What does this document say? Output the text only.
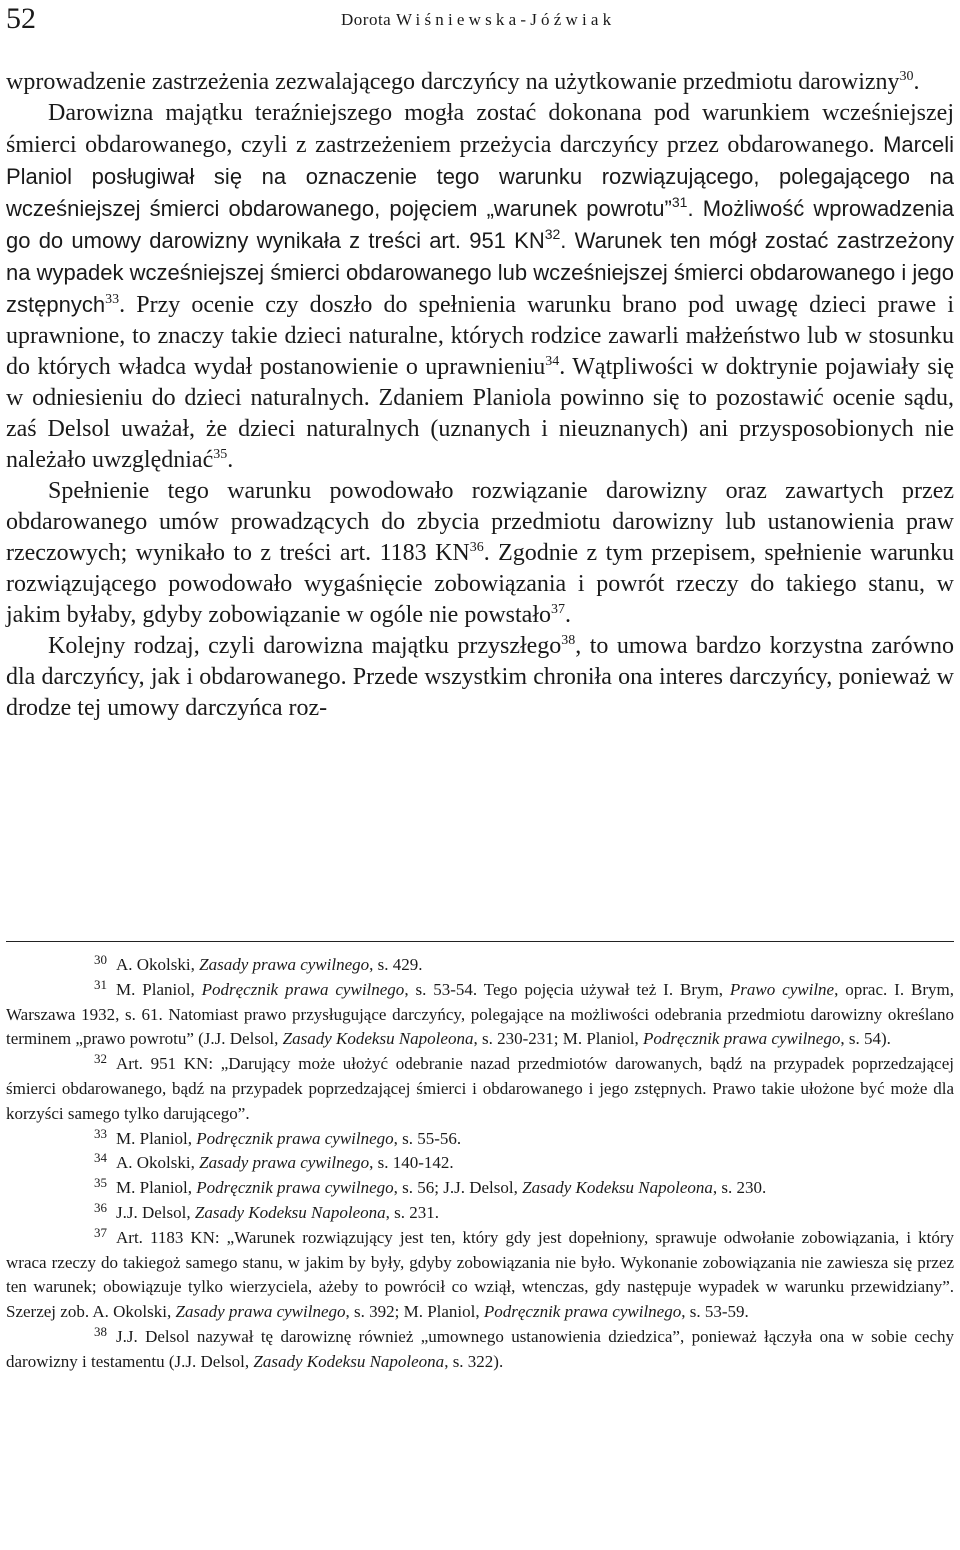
52	Dorota Wiśniewska-Jóźwiak

wprowadzenie zastrzeżenia zezwalającego darczyńcy na użytkowanie przedmiotu darowizny$^{30}$.

Darowizna majątku teraźniejszego mogła zostać dokonana pod warunkiem wcześniejszej śmierci obdarowanego, czyli z zastrzeżeniem przeżycia darczyńcy przez obdarowanego. Marceli Planiol posługiwał się na oznaczenie tego warunku rozwiązującego, polegającego na wcześniejszej śmierci obdarowanego, pojęciem „warunek powrotu”$^{31}$. Możliwość wprowadzenia go do umowy darowizny wynikała z treści art. 951 KN$^{32}$. Warunek ten mógł zostać zastrzeżony na wypadek wcześniejszej śmierci obdarowanego lub wcześniejszej śmierci obdarowanego i jego zstępnych$^{33}$. Przy ocenie czy doszło do spełnienia warunku brano pod uwagę dzieci prawe i uprawnione, to znaczy takie dzieci naturalne, których rodzice zawarli małżeństwo lub w stosunku do których władca wydał postanowienie o uprawnieniu$^{34}$. Wątpliwości w doktrynie pojawiały się w odniesieniu do dzieci naturalnych. Zdaniem Planiola powinno się to pozostawić ocenie sądu, zaś Delsol uważał, że dzieci naturalnych (uznanych i nieuznanych) ani przysposobionych nie należało uwzględniać$^{35}$.

Spełnienie tego warunku powodowało rozwiązanie darowizny oraz zawartych przez obdarowanego umów prowadzących do zbycia przedmiotu darowizny lub ustanowienia praw rzeczowych; wynikało to z treści art. 1183 KN$^{36}$. Zgodnie z tym przepisem, spełnienie warunku rozwiązującego powodowało wygaśnięcie zobowiązania i powrót rzeczy do takiego stanu, w jakim byłaby, gdyby zobowiązanie w ogóle nie powstało$^{37}$.

Kolejny rodzaj, czyli darowizna majątku przyszłego$^{38}$, to umowa bardzo korzystna zarówno dla darczyńcy, jak i obdarowanego. Przede wszystkim chroniła ona interes darczyńcy, ponieważ w drodze tej umowy darczyńca roz-

30 A. Okolski, Zasady prawa cywilnego, s. 429.

31 M. Planiol, Podręcznik prawa cywilnego, s. 53-54. Tego pojęcia używał też I. Brym, Prawo cywilne, oprac. I. Brym, Warszawa 1932, s. 61. Natomiast prawo przysługujące darczyńcy, polegające na możliwości odebrania przedmiotu darowizny określano terminem „prawo powrotu” (J.J. Delsol, Zasady Kodeksu Napoleona, s. 230-231; M. Planiol, Podręcznik prawa cywilnego, s. 54).

32 Art. 951 KN: „Darujący może ułożyć odebranie nazad przedmiotów darowanych, bądź na przypadek poprzedzającej śmierci obdarowanego, bądź na przypadek poprzedzającej śmierci i obdarowanego i jego zstępnych. Prawo takie ułożone być może dla korzyści samego tylko darującego”.

33 M. Planiol, Podręcznik prawa cywilnego, s. 55-56.

34 A. Okolski, Zasady prawa cywilnego, s. 140-142.

35 M. Planiol, Podręcznik prawa cywilnego, s. 56; J.J. Delsol, Zasady Kodeksu Napoleona, s. 230.

36 J.J. Delsol, Zasady Kodeksu Napoleona, s. 231.

37 Art. 1183 KN: „Warunek rozwiązujący jest ten, który gdy jest dopełniony, sprawuje odwołanie zobowiązania, i który wraca rzeczy do takiegoż samego stanu, w jakim by były, gdyby zobowiązania nie było. Wykonanie zobowiązania nie zawiesza się przez ten warunek; obowiązuje tylko wierzyciela, ażeby to powrócił co wziął, wtenczas, gdy następuje wypadek w warunku przewidziany”. Szerzej zob. A. Okolski, Zasady prawa cywilnego, s. 392; M. Planiol, Podręcznik prawa cywilnego, s. 53-59.

38 J.J. Delsol nazywał tę darowiznę również „umownego ustanowienia dziedzica”, ponieważ łączyła ona w sobie cechy darowizny i testamentu (J.J. Delsol, Zasady Kodeksu Napoleona, s. 322).
